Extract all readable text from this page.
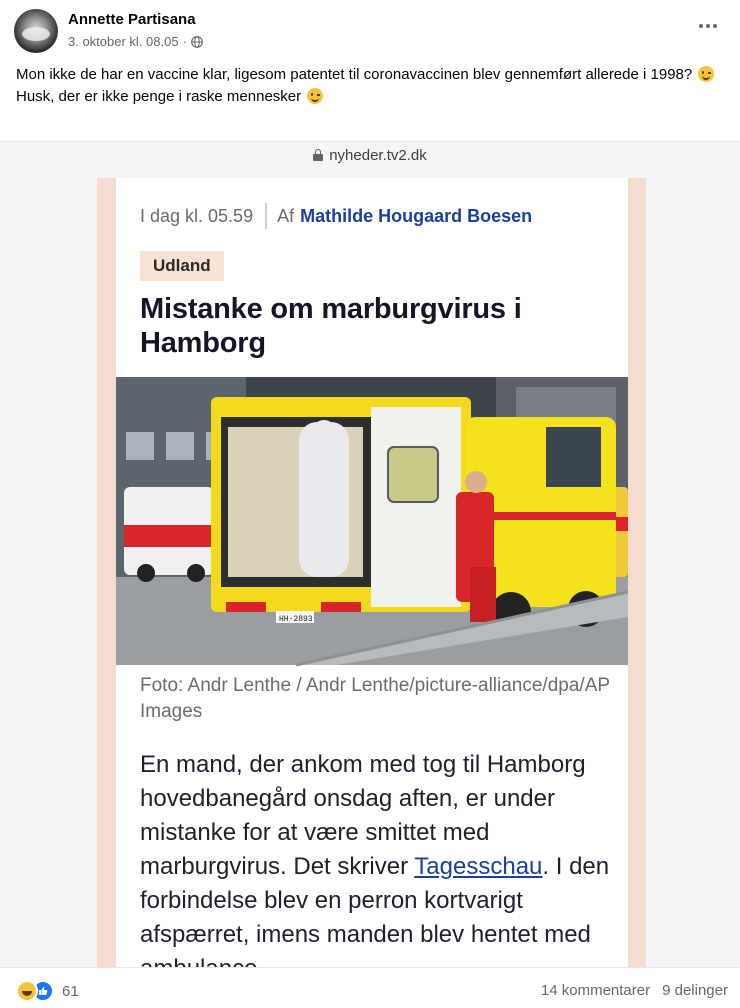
Annette Partisana
3. oktober kl. 08.05 ·

Mon ikke de har en vaccine klar, ligesom patentet til coronavaccinen blev gennemført allerede i 1998?

Husk, der er ikke penge i raske mennesker

nyheder.tv2.dk
I dag kl. 05.59 Af Mathilde Hougaard Boesen
Udland
Mistanke om marburgvirus i Hamborg
HH-2893
Foto: Andr Lenthe / Andr Lenthe/picture-alliance/dpa/AP Images
En mand, der ankom med tog til Hamborg hovedbanegård onsdag aften, er under mistanke for at være smittet med marburgvirus. Det skriver Tagesschau. I den forbindelse blev en perron kortvarigt afspærret, imens manden blev hentet med
61	14 kommentarer 9 delinger
